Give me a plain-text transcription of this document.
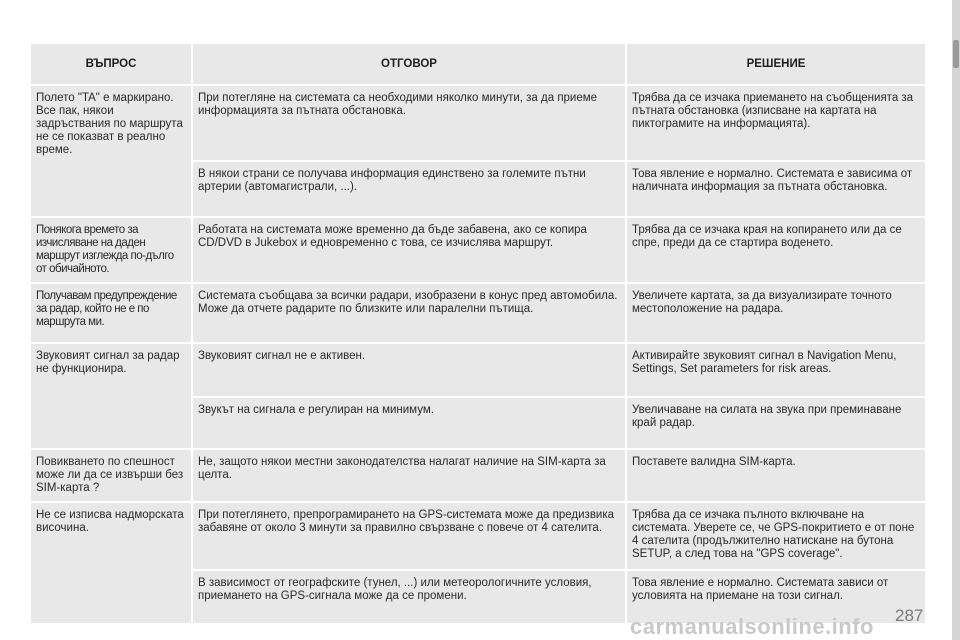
ВЪПРОС	ОТГОВОР	РЕШЕНИЕ
Полето "TA" е маркирано. Все пак, някои задръствания по маршрута не се показват в реално време.	При потегляне на системата са необходими няколко минути, за да приеме информацията за пътната обстановка.	Трябва да се изчака приемането на съобщенията за пътната обстановка (изписване на картата на пиктограмите на информацията).
	В някои страни се получава информация единствено за големите пътни артерии (автомагистрали, ...).	Това явление е нормално. Системата е зависима от наличната информация за пътната обстановка.
Понякога времето за изчисляване на даден маршрут изглежда по-дълго от обичайното.	Работата на системата може временно да бъде забавена, ако се копира CD/DVD в Jukebox и едновременно с това, се изчислява маршрут.	Трябва да се изчака края на копирането или да се спре, преди да се стартира воденето.
Получавам предупреждение за радар, който не е по маршрута ми.	Системата съобщава за всички радари, изобразени в конус пред автомобила. Може да отчете радарите по близките или паралелни пътища.	Увеличете картата, за да визуализирате точното местоположение на радара.
Звуковият сигнал за радар не функционира.	Звуковият сигнал не е активен.	Активирайте звуковият сигнал в Navigation Menu, Settings, Set parameters for risk areas.
	Звукът на сигнала е регулиран на минимум.	Увеличаване на силата на звука при преминаване край радар.
Повикването по спешност може ли да се извърши без SIM-карта ?	Не, защото някои местни законодателства налагат наличие на SIM-карта за целта.	Поставете валидна SIM-карта.
Не се изписва надморската височина.	При потеглянето, препрограмирането на GPS-системата може да предизвика забавяне от около 3 минути за правилно свързване с повече от 4 сателита.	Трябва да се изчака пълното включване на системата. Уверете се, че GPS-покритието е от поне 4 сателита (продължително натискане на бутона SETUP, а след това на "GPS coverage".
	В зависимост от географските (тунел, ...) или метеорологичните условия, приемането на GPS-сигнала може да се промени.	Това явление е нормално. Системата зависи от условията на приемане на този сигнал.
carmanualsonline.info 287
